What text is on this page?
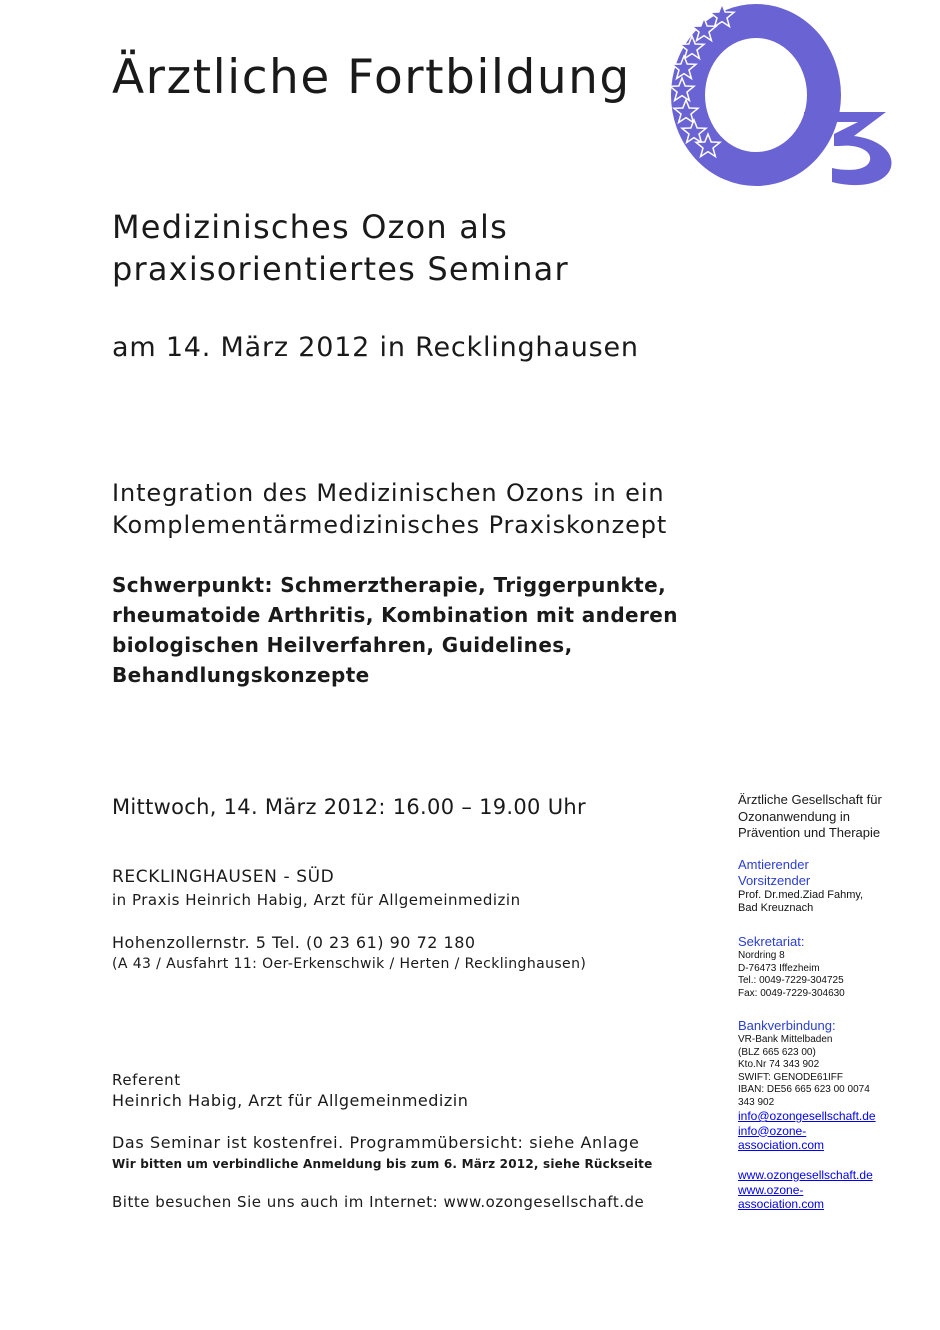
Ärztliche Fortbildung
Medizinisches Ozon als
praxisorientiertes Seminar
am 14. März 2012 in Recklinghausen
Integration des Medizinischen Ozons in ein
Komplementärmedizinisches Praxiskonzept
Schwerpunkt: Schmerztherapie, Triggerpunkte,
rheumatoide Arthritis, Kombination mit anderen
biologischen Heilverfahren, Guidelines,
Behandlungskonzepte
Mittwoch, 14. März 2012: 16.00 – 19.00 Uhr
RECKLINGHAUSEN - SÜD
in Praxis Heinrich Habig, Arzt für Allgemeinmedizin
Hohenzollernstr. 5 Tel. (0 23 61) 90 72 180
(A 43 / Ausfahrt 11: Oer-Erkenschwik / Herten / Recklinghausen)
Referent
Heinrich Habig, Arzt für Allgemeinmedizin
Das Seminar ist kostenfrei. Programmübersicht: siehe Anlage
Wir bitten um verbindliche Anmeldung bis zum 6. März 2012, siehe Rückseite
Bitte besuchen Sie uns auch im Internet: www.ozongesellschaft.de
Ärztliche Gesellschaft für
Ozonanwendung in
Prävention und Therapie
Amtierender
Vorsitzender
Prof. Dr.med.Ziad Fahmy,
Bad Kreuznach
Sekretariat:
Nordring 8
D-76473 Iffezheim
Tel.: 0049-7229-304725
Fax: 0049-7229-304630
Bankverbindung:
VR-Bank Mittelbaden
(BLZ 665 623 00)
Kto.Nr 74 343 902
SWIFT: GENODE61IFF
IBAN: DE56 665 623 00 0074
343 902
info@ozongesellschaft.de
info@ozone-
association.com
www.ozongesellschaft.de
www.ozone-
association.com
